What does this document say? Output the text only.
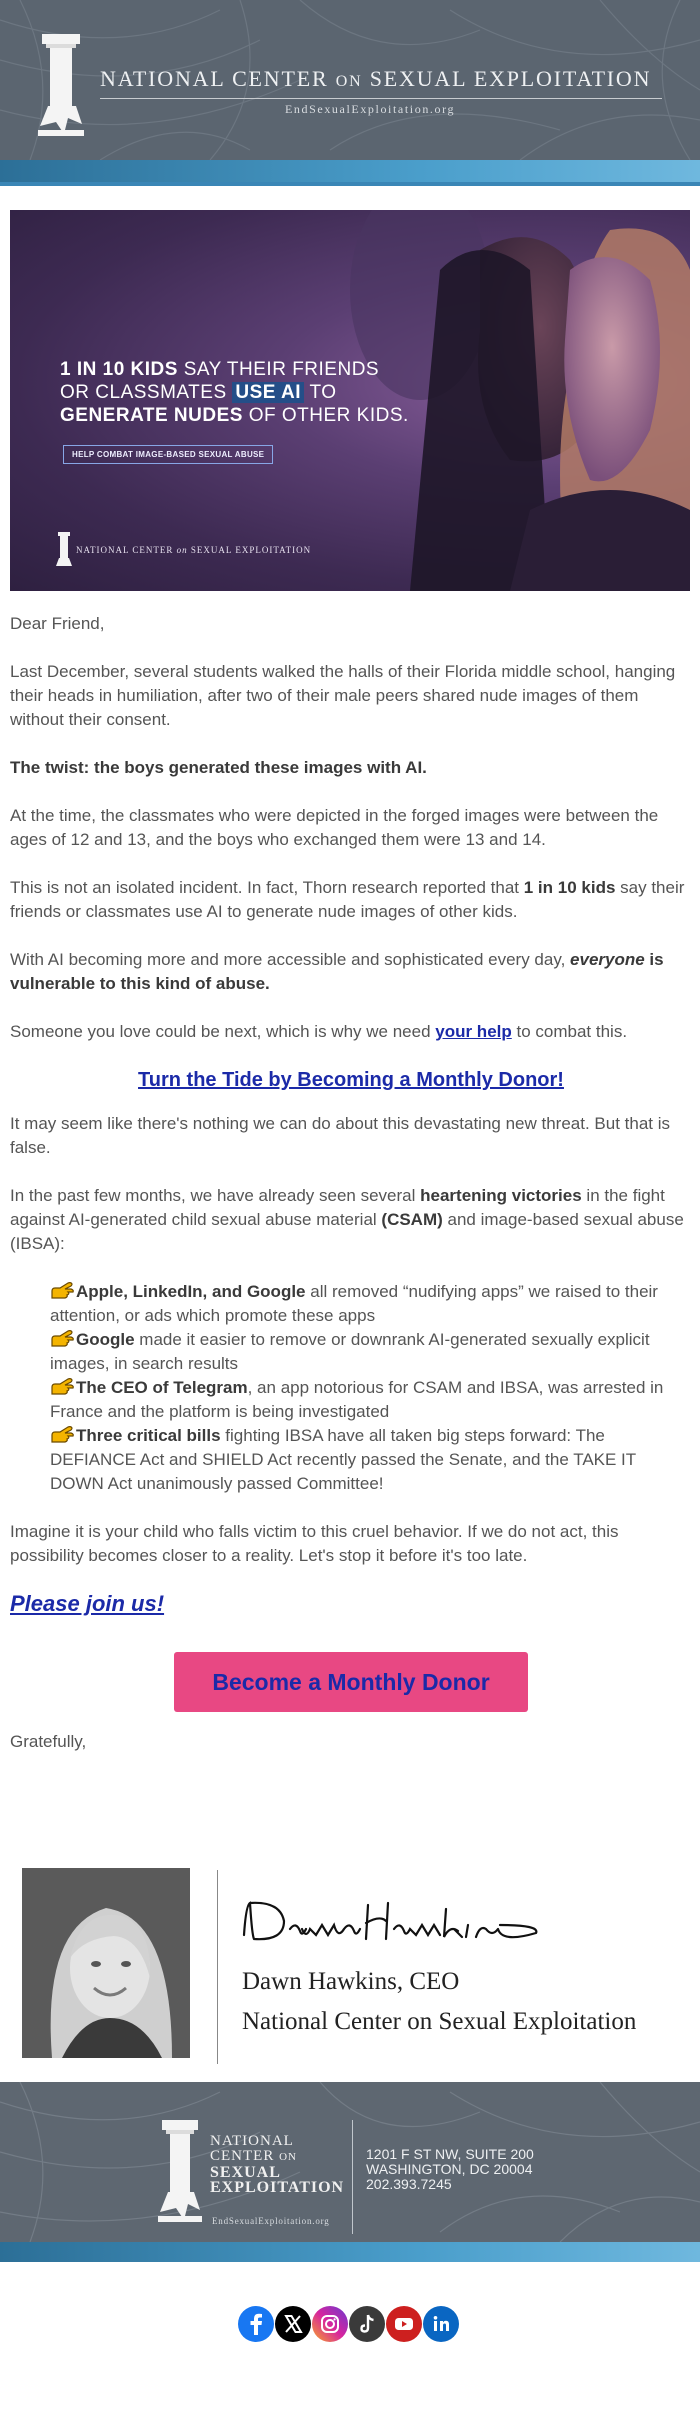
NATIONAL CENTER ON SEXUAL EXPLOITATION
EndSexualExploitation.org
1 IN 10 KIDS SAY THEIR FRIENDS
OR CLASSMATES USE AI TO
GENERATE NUDES OF OTHER KIDS.
HELP COMBAT IMAGE-BASED SEXUAL ABUSE
NATIONAL CENTER on SEXUAL EXPLOITATION

Dear Friend,

Last December, several students walked the halls of their Florida middle school, hanging their heads in humiliation, after two of their male peers shared nude images of them without their consent.

The twist: the boys generated these images with AI.

At the time, the classmates who were depicted in the forged images were between the ages of 12 and 13, and the boys who exchanged them were 13 and 14.

This is not an isolated incident. In fact, Thorn research reported that 1 in 10 kids say their friends or classmates use AI to generate nude images of other kids.

With AI becoming more and more accessible and sophisticated every day, everyone is vulnerable to this kind of abuse.

Someone you love could be next, which is why we need your help to combat this.

Turn the Tide by Becoming a Monthly Donor!

It may seem like there's nothing we can do about this devastating new threat. But that is false.

In the past few months, we have already seen several heartening victories in the fight against AI-generated child sexual abuse material (CSAM) and image-based sexual abuse (IBSA):

Apple, LinkedIn, and Google all removed “nudifying apps” we raised to their attention, or ads which promote these apps
Google made it easier to remove or downrank AI-generated sexually explicit images, in search results
The CEO of Telegram, an app notorious for CSAM and IBSA, was arrested in France and the platform is being investigated
Three critical bills fighting IBSA have all taken big steps forward: The DEFIANCE Act and SHIELD Act recently passed the Senate, and the TAKE IT DOWN Act unanimously passed Committee!

Imagine it is your child who falls victim to this cruel behavior. If we do not act, this possibility becomes closer to a reality. Let's stop it before it's too late.

Please join us!
Become a Monthly Donor

Gratefully,

Dawn Hawkins, CEO
National Center on Sexual Exploitation
NATIONAL
CENTER ON
SEXUAL
EXPLOITATION
EndSexualExploitation.org
1201 F ST NW, SUITE 200
WASHINGTON, DC 20004
202.393.7245
